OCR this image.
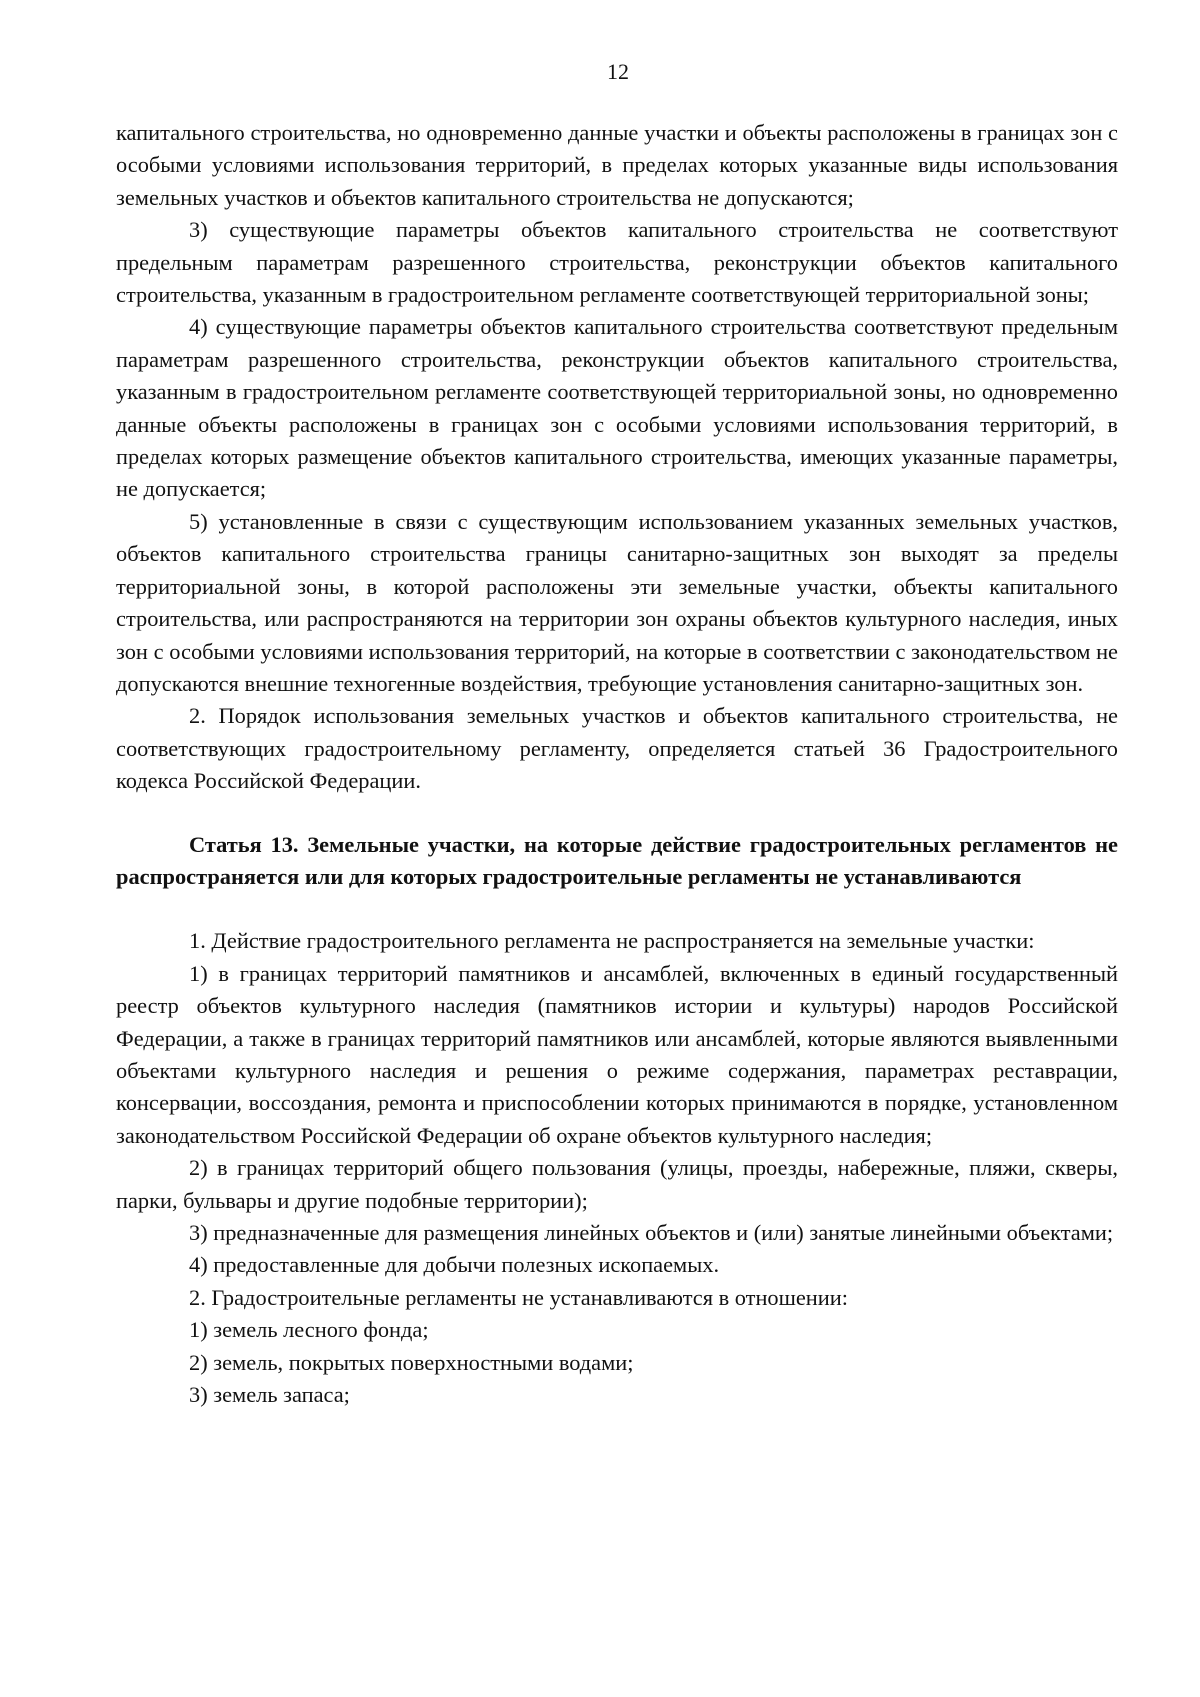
12

капитального строительства, но одновременно данные участки и объекты расположены в границах зон с особыми условиями использования территорий, в пределах которых указанные виды использования земельных участков и объектов капитального строительства не допускаются;

3) существующие параметры объектов капитального строительства не соответствуют предельным параметрам разрешенного строительства, реконструкции объектов капитального строительства, указанным в градостроительном регламенте соответствующей территориальной зоны;

4) существующие параметры объектов капитального строительства соответствуют предельным параметрам разрешенного строительства, реконструкции объектов капитального строительства, указанным в градостроительном регламенте соответствующей территориальной зоны, но одновременно данные объекты расположены в границах зон с особыми условиями использования территорий, в пределах которых размещение объектов капитального строительства, имеющих указанные параметры, не допускается;

5) установленные в связи с существующим использованием указанных земельных участков, объектов капитального строительства границы санитарно-защитных зон выходят за пределы территориальной зоны, в которой расположены эти земельные участки, объекты капитального строительства, или распространяются на территории зон охраны объектов культурного наследия, иных зон с особыми условиями использования территорий, на которые в соответствии с законодательством не допускаются внешние техногенные воздействия, требующие установления санитарно-защитных зон.

2. Порядок использования земельных участков и объектов капитального строительства, не соответствующих градостроительному регламенту, определяется статьей 36 Градостроительного кодекса Российской Федерации.

Статья 13. Земельные участки, на которые действие градостроительных регламентов не распространяется или для которых градостроительные регламенты не устанавливаются

1. Действие градостроительного регламента не распространяется на земельные участки:

1) в границах территорий памятников и ансамблей, включенных в единый государственный реестр объектов культурного наследия (памятников истории и культуры) народов Российской Федерации, а также в границах территорий памятников или ансамблей, которые являются выявленными объектами культурного наследия и решения о режиме содержания, параметрах реставрации, консервации, воссоздания, ремонта и приспособлении которых принимаются в порядке, установленном законодательством Российской Федерации об охране объектов культурного наследия;

2) в границах территорий общего пользования (улицы, проезды, набережные, пляжи, скверы, парки, бульвары и другие подобные территории);

3) предназначенные для размещения линейных объектов и (или) занятые линейными объектами;

4) предоставленные для добычи полезных ископаемых.

2. Градостроительные регламенты не устанавливаются в отношении:

1) земель лесного фонда;

2) земель, покрытых поверхностными водами;

3) земель запаса;
